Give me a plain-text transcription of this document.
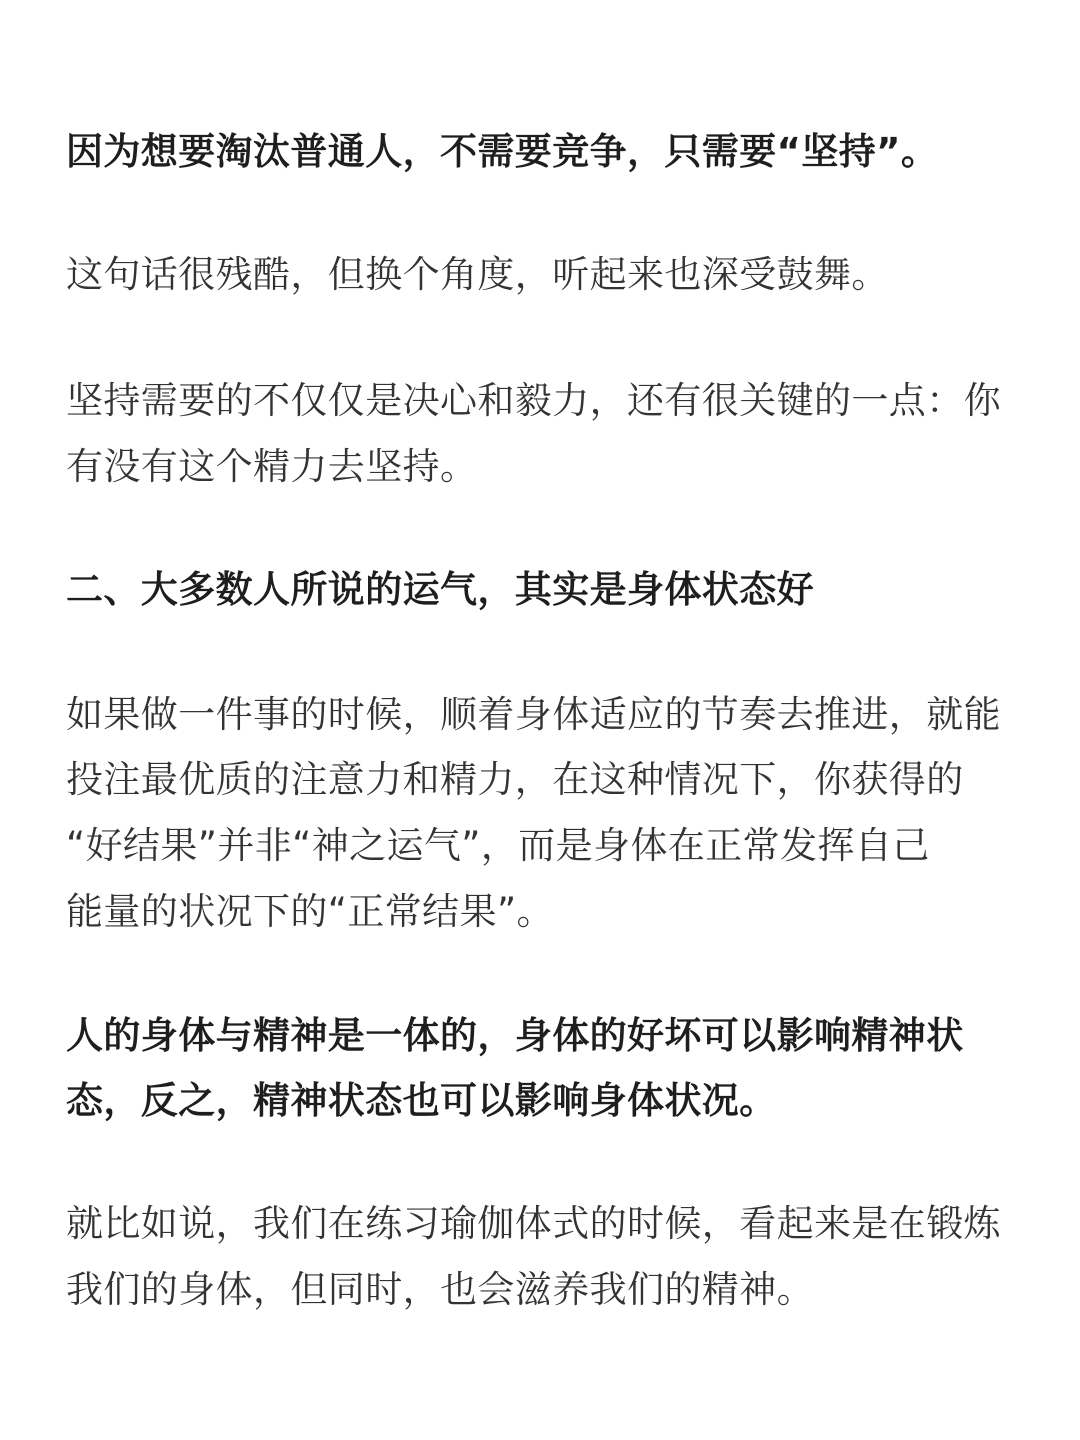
因为想要淘汰普通人，不需要竞争，只需要“坚持”。
这句话很残酷，但换个角度，听起来也深受鼓舞。
坚持需要的不仅仅是决心和毅力，还有很关键的一点：你
有没有这个精力去坚持。
二、大多数人所说的运气，其实是身体状态好
如果做一件事的时候，顺着身体适应的节奏去推进，就能
投注最优质的注意力和精力，在这种情况下，你获得的
“好结果”并非“神之运气”，而是身体在正常发挥自己
能量的状况下的“正常结果”。
人的身体与精神是一体的，身体的好坏可以影响精神状
态，反之，精神状态也可以影响身体状况。
就比如说，我们在练习瑜伽体式的时候，看起来是在锻炼
我们的身体，但同时，也会滋养我们的精神。
